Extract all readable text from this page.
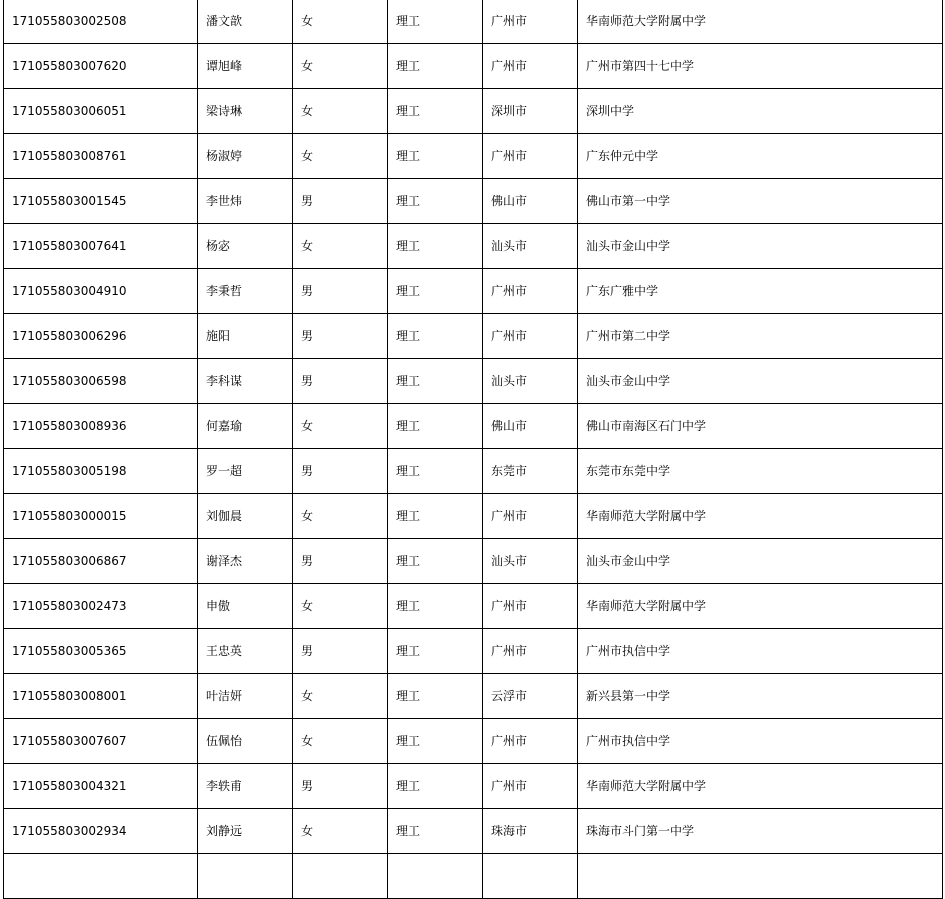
171055803002508	潘文歆	女	理工	广州市	华南师范大学附属中学
171055803007620	谭旭峰	女	理工	广州市	广州市第四十七中学
171055803006051	梁诗琳	女	理工	深圳市	深圳中学
171055803008761	杨淑婷	女	理工	广州市	广东仲元中学
171055803001545	李世炜	男	理工	佛山市	佛山市第一中学
171055803007641	杨宓	女	理工	汕头市	汕头市金山中学
171055803004910	李秉哲	男	理工	广州市	广东广雅中学
171055803006296	施阳	男	理工	广州市	广州市第二中学
171055803006598	李科谋	男	理工	汕头市	汕头市金山中学
171055803008936	何嘉瑜	女	理工	佛山市	佛山市南海区石门中学
171055803005198	罗一超	男	理工	东莞市	东莞市东莞中学
171055803000015	刘伽晨	女	理工	广州市	华南师范大学附属中学
171055803006867	谢泽杰	男	理工	汕头市	汕头市金山中学
171055803002473	申傲	女	理工	广州市	华南师范大学附属中学
171055803005365	王忠英	男	理工	广州市	广州市执信中学
171055803008001	叶洁妍	女	理工	云浮市	新兴县第一中学
171055803007607	伍佩怡	女	理工	广州市	广州市执信中学
171055803004321	李轶甫	男	理工	广州市	华南师范大学附属中学
171055803002934	刘静远	女	理工	珠海市	珠海市斗门第一中学
